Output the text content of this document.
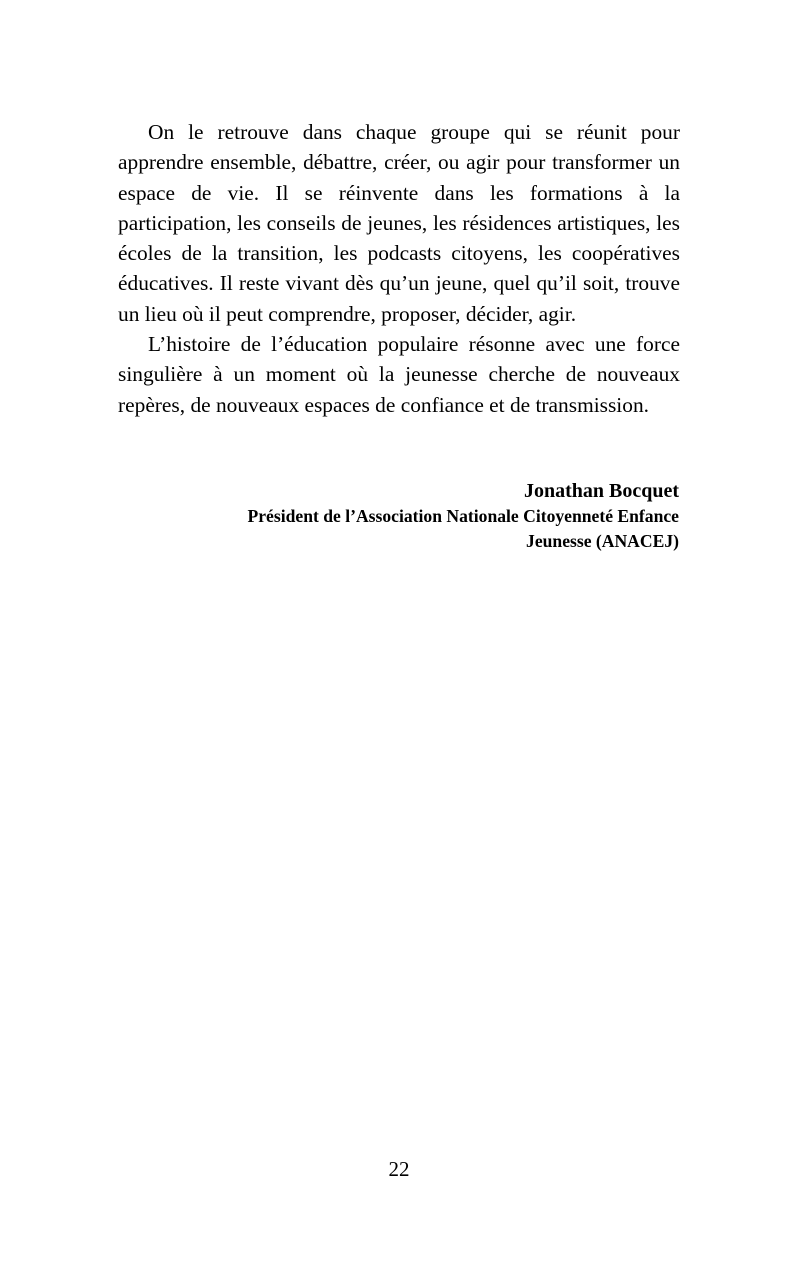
On le retrouve dans chaque groupe qui se réunit pour apprendre ensemble, débattre, créer, ou agir pour transformer un espace de vie. Il se réinvente dans les formations à la participation, les conseils de jeunes, les résidences artistiques, les écoles de la transition, les podcasts citoyens, les coopératives éducatives. Il reste vivant dès qu’un jeune, quel qu’il soit, trouve un lieu où il peut comprendre, proposer, décider, agir.

L’histoire de l’éducation populaire résonne avec une force singulière à un moment où la jeunesse cherche de nouveaux repères, de nouveaux espaces de confiance et de transmission.

Jonathan Bocquet
Président de l’Association Nationale Citoyenneté Enfance
Jeunesse (ANACEJ)
22
